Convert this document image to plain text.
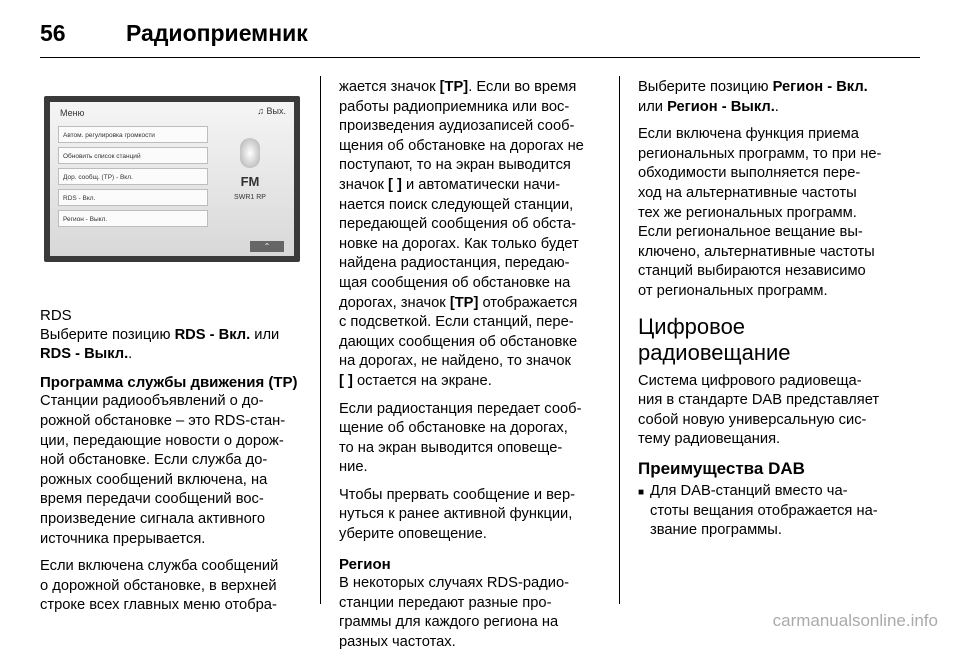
56	Радиоприемник
Меню	♫ Вых.
Автом. регулировка громкости
Обновить список станций
Дор. сообщ. (TP) - Вкл.
RDS - Вкл.
Регион - Выкл.
FM
SWR1 RP
⌃

RDS

Выберите позицию RDS - Вкл. или
RDS - Выкл..

Программа службы движения (TP)

Станции радиообъявлений о до-
рожной обстановке – это RDS-стан-
ции, передающие новости о дорож-
ной обстановке. Если служба до-
рожных сообщений включена, на
время передачи сообщений вос-
произведение сигнала активного
источника прерывается.

Если включена служба сообщений
о дорожной обстановке, в верхней
строке всех главных меню отобра-

жается значок [TP]. Если во время
работы радиоприемника или вос-
произведения аудиозаписей сооб-
щения об обстановке на дорогах не
поступают, то на экран выводится
значок [ ] и автоматически начи-
нается поиск следующей станции,
передающей сообщения об обста-
новке на дорогах. Как только будет
найдена радиостанция, передаю-
щая сообщения об обстановке на
дорогах, значок [TP] отображается
с подсветкой. Если станций, пере-
дающих сообщения об обстановке
на дорогах, не найдено, то значок
[ ] остается на экране.

Если радиостанция передает сооб-
щение об обстановке на дорогах,
то на экран выводится оповеще-
ние.

Чтобы прервать сообщение и вер-
нуться к ранее активной функции,
уберите оповещение.

Регион

В некоторых случаях RDS-радио-
станции передают разные про-
граммы для каждого региона на
разных частотах.

Выберите позицию Регион - Вкл.
или Регион - Выкл..

Если включена функция приема
региональных программ, то при не-
обходимости выполняется пере-
ход на альтернативные частоты
тех же региональных программ.
Если региональное вещание вы-
ключено, альтернативные частоты
станций выбираются независимо
от региональных программ.

Цифровое
радиовещание

Система цифрового радиовеща-
ния в стандарте DAB представляет
собой новую универсальную сис-
тему радиовещания.

Преимущества DAB
■ Для DAB-станций вместо ча-
стоты вещания отображается на-
звание программы.
carmanualsonline.info
